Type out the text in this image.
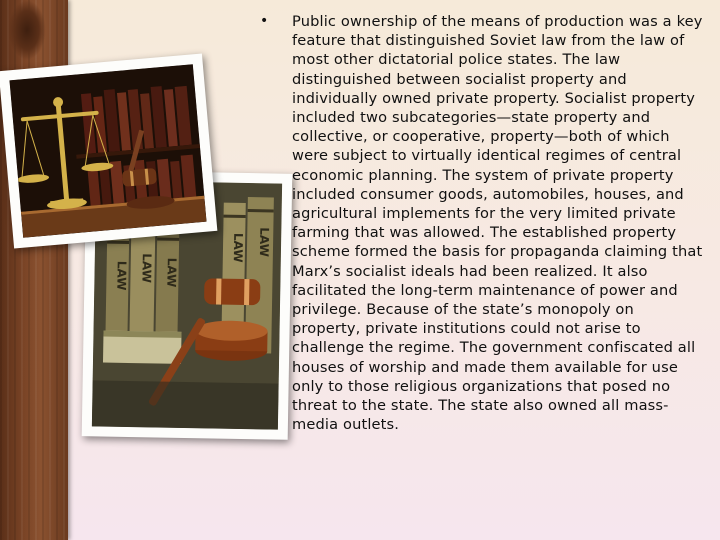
LAW LAW LAW
LAW LAW
• Public ownership of the means of production was a key feature that distinguished Soviet law from the law of most other dictatorial police states. The law distinguished between socialist property and individually owned private property. Socialist property included two subcategories—state property and collective, or cooperative, property—both of which were subject to virtually identical regimes of central economic planning. The system of private property included consumer goods, automobiles, houses, and agricultural implements for the very limited private farming that was allowed. The established property scheme formed the basis for propaganda claiming that Marx’s socialist ideals had been realized. It also facilitated the long-term maintenance of power and privilege. Because of the state’s monopoly on property, private institutions could not arise to challenge the regime. The government confiscated all houses of worship and made them available for use only to those religious organizations that posed no threat to the state. The state also owned all mass-media outlets.
